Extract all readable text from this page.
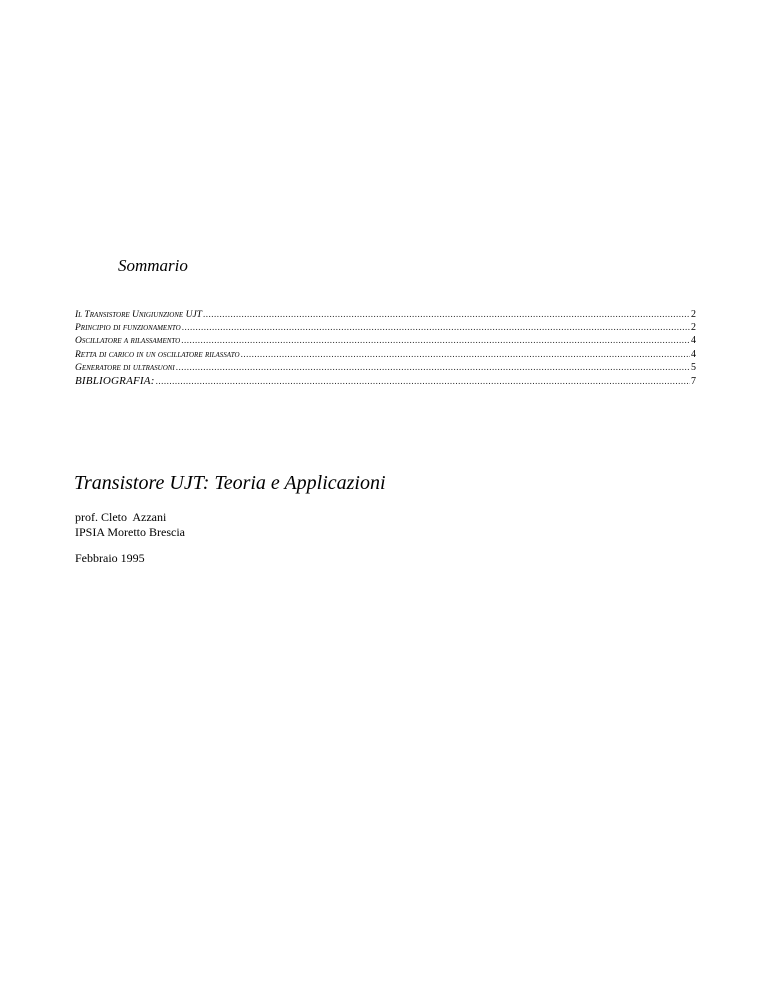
Sommario
Il Transistore Unigiunzione UJT .....	2
Principio di funzionamento .....	2
Oscillatore a rilassamento .....	4
Retta di carico in un oscillatore rilassato .....	4
Generatore di ultrasuoni .....	5
BIBLIOGRAFIA: .....	7
Transistore UJT: Teoria e Applicazioni
prof. Cleto  Azzani
IPSIA Moretto Brescia
Febbraio 1995
